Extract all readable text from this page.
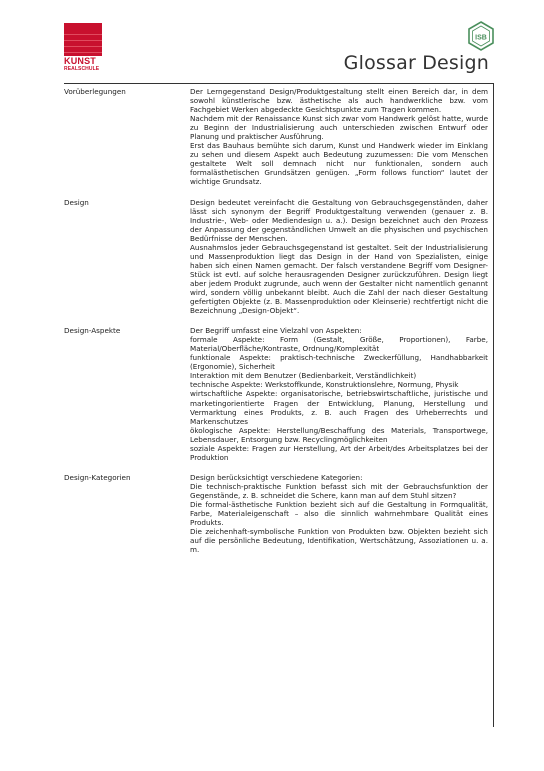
KUNST
REALSCHULE
ISB
Glossar Design
Vorüberlegungen	Der Lerngegenstand Design/Produktgestaltung stellt einen Bereich dar, in dem sowohl künstlerische bzw. ästhetische als auch handwerkliche bzw. vom Fachgebiet Werken abgedeckte Gesichtspunkte zum Tragen kommen.

Nachdem mit der Renaissance Kunst sich zwar vom Handwerk gelöst hatte, wurde zu Beginn der Industrialisierung auch unterschieden zwischen Entwurf oder Planung und praktischer Ausführung.

Erst das Bauhaus bemühte sich darum, Kunst und Handwerk wieder im Einklang zu sehen und diesem Aspekt auch Bedeutung zuzumessen: Die vom Menschen gestaltete Welt soll demnach nicht nur funktionalen, sondern auch formalästhetischen Grundsätzen genügen. „Form follows function“ lautet der wichtige Grundsatz.

Design	Design bedeutet vereinfacht die Gestaltung von Gebrauchsgegenständen, daher lässt sich synonym der Begriff Produktgestaltung verwenden (genauer z. B. Industrie-, Web- oder Mediendesign u. a.). Design bezeichnet auch den Prozess der Anpassung der gegenständlichen Umwelt an die physischen und psychischen Bedürfnisse der Menschen.

Ausnahmslos jeder Gebrauchsgegenstand ist gestaltet. Seit der Industrialisierung und Massenproduktion liegt das Design in der Hand von Spezialisten, einige haben sich einen Namen gemacht. Der falsch verstandene Begriff vom Designer-Stück ist evtl. auf solche herausragenden Designer zurückzuführen. Design liegt aber jedem Produkt zugrunde, auch wenn der Gestalter nicht namentlich genannt wird, sondern völlig unbekannt bleibt. Auch die Zahl der nach dieser Gestaltung gefertigten Objekte (z. B. Massenproduktion oder Kleinserie) rechtfertigt nicht die Bezeichnung „Design-Objekt“.

Design-Aspekte	Der Begriff umfasst eine Vielzahl von Aspekten:

formale Aspekte: Form (Gestalt, Größe, Proportionen), Farbe, Material/Oberfläche/Kontraste, Ordnung/Komplexität

funktionale Aspekte: praktisch-technische Zweckerfüllung, Handhabbarkeit (Ergonomie), Sicherheit

Interaktion mit dem Benutzer (Bedienbarkeit, Verständlichkeit)

technische Aspekte: Werkstoffkunde, Konstruktionslehre, Normung, Physik

wirtschaftliche Aspekte: organisatorische, betriebswirtschaftliche, juristische und marketingorientierte Fragen der Entwicklung, Planung, Herstellung und Vermarktung eines Produkts, z. B. auch Fragen des Urheberrechts und Markenschutzes

ökologische Aspekte: Herstellung/Beschaffung des Materials, Transportwege, Lebensdauer, Entsorgung bzw. Recyclingmöglichkeiten

soziale Aspekte: Fragen zur Herstellung, Art der Arbeit/des Arbeitsplatzes bei der Produktion

Design-Kategorien	Design berücksichtigt verschiedene Kategorien:

Die technisch-praktische Funktion befasst sich mit der Gebrauchsfunktion der Gegenstände, z. B. schneidet die Schere, kann man auf dem Stuhl sitzen?

Die formal-ästhetische Funktion bezieht sich auf die Gestaltung in Formqualität, Farbe, Materialeigenschaft – also die sinnlich wahrnehmbare Qualität eines Produkts.

Die zeichenhaft-symbolische Funktion von Produkten bzw. Objekten bezieht sich auf die persönliche Bedeutung, Identifikation, Wertschätzung, Assoziationen u. a. m.
